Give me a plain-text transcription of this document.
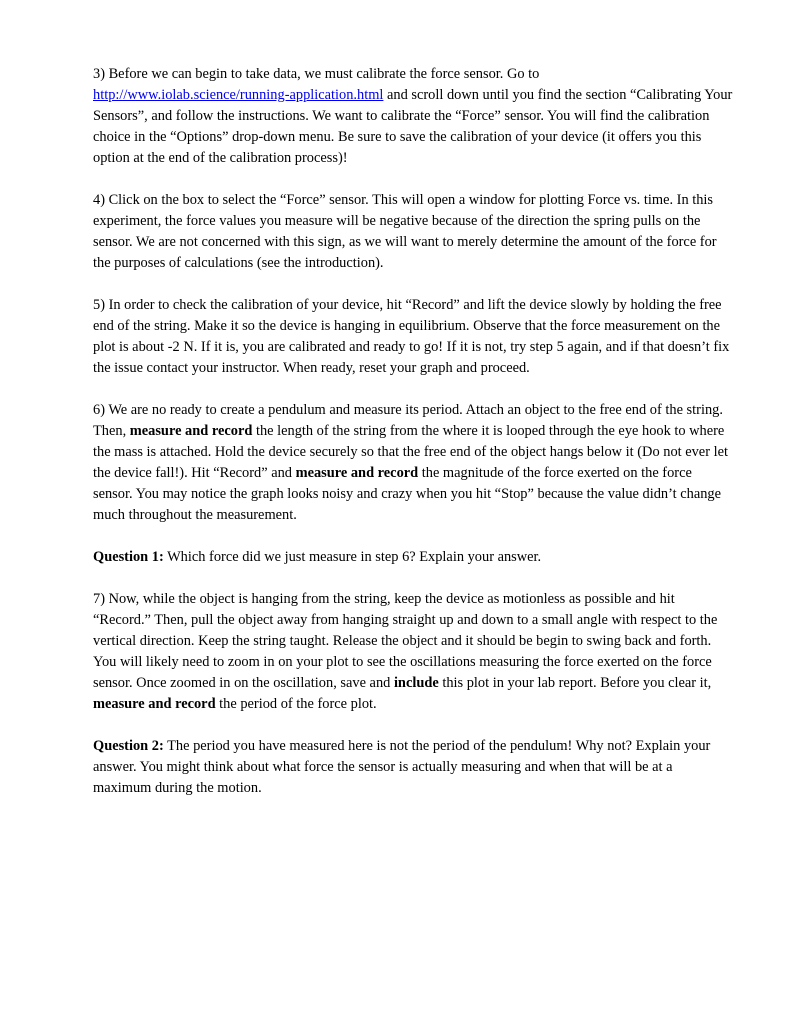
3) Before we can begin to take data, we must calibrate the force sensor. Go to http://www.iolab.science/running-application.html and scroll down until you find the section “Calibrating Your Sensors”, and follow the instructions. We want to calibrate the “Force” sensor. You will find the calibration choice in the “Options” drop-down menu. Be sure to save the calibration of your device (it offers you this option at the end of the calibration process)!

4) Click on the box to select the “Force” sensor. This will open a window for plotting Force vs. time. In this experiment, the force values you measure will be negative because of the direction the spring pulls on the sensor. We are not concerned with this sign, as we will want to merely determine the amount of the force for the purposes of calculations (see the introduction).

5) In order to check the calibration of your device, hit “Record” and lift the device slowly by holding the free end of the string. Make it so the device is hanging in equilibrium. Observe that the force measurement on the plot is about -2 N. If it is, you are calibrated and ready to go! If it is not, try step 5 again, and if that doesn’t fix the issue contact your instructor. When ready, reset your graph and proceed.

6) We are no ready to create a pendulum and measure its period. Attach an object to the free end of the string. Then, measure and record the length of the string from the where it is looped through the eye hook to where the mass is attached. Hold the device securely so that the free end of the object hangs below it (Do not ever let the device fall!). Hit “Record” and measure and record the magnitude of the force exerted on the force sensor. You may notice the graph looks noisy and crazy when you hit “Stop” because the value didn’t change much throughout the measurement.

Question 1: Which force did we just measure in step 6? Explain your answer.

7) Now, while the object is hanging from the string, keep the device as motionless as possible and hit “Record.” Then, pull the object away from hanging straight up and down to a small angle with respect to the vertical direction. Keep the string taught. Release the object and it should be begin to swing back and forth. You will likely need to zoom in on your plot to see the oscillations measuring the force exerted on the force sensor. Once zoomed in on the oscillation, save and include this plot in your lab report. Before you clear it, measure and record the period of the force plot.

Question 2: The period you have measured here is not the period of the pendulum! Why not? Explain your answer. You might think about what force the sensor is actually measuring and when that will be at a maximum during the motion.
